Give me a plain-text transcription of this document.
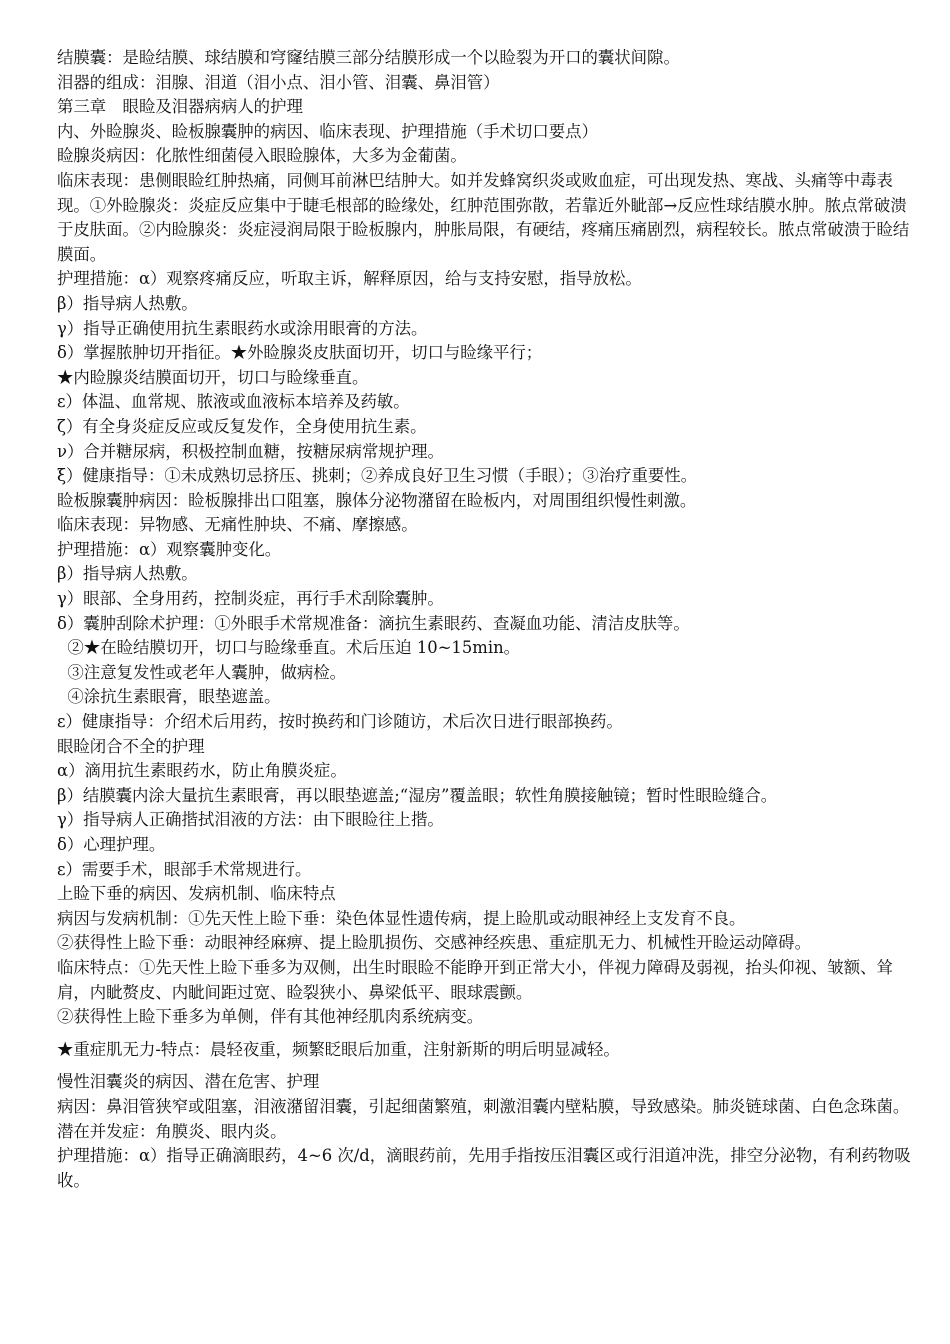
结膜囊：是睑结膜、球结膜和穹窿结膜三部分结膜形成一个以睑裂为开口的囊状间隙。

泪器的组成：泪腺、泪道（泪小点、泪小管、泪囊、鼻泪管）

第三章　眼睑及泪器病病人的护理

内、外睑腺炎、睑板腺囊肿的病因、临床表现、护理措施（手术切口要点）

睑腺炎病因：化脓性细菌侵入眼睑腺体，大多为金葡菌。

临床表现：患侧眼睑红肿热痛，同侧耳前淋巴结肿大。如并发蜂窝织炎或败血症，可出现发热、寒战、头痛等中毒表现。①外睑腺炎：炎症反应集中于睫毛根部的睑缘处，红肿范围弥散，若靠近外眦部→反应性球结膜水肿。脓点常破溃于皮肤面。②内睑腺炎：炎症浸润局限于睑板腺内，肿胀局限，有硬结，疼痛压痛剧烈，病程较长。脓点常破溃于睑结膜面。

护理措施：α）观察疼痛反应，听取主诉，解释原因，给与支持安慰，指导放松。

β）指导病人热敷。

γ）指导正确使用抗生素眼药水或涂用眼膏的方法。

δ）掌握脓肿切开指征。★外睑腺炎皮肤面切开，切口与睑缘平行；

★内睑腺炎结膜面切开，切口与睑缘垂直。

ε）体温、血常规、脓液或血液标本培养及药敏。

ζ）有全身炎症反应或反复发作，全身使用抗生素。

ν）合并糖尿病，积极控制血糖，按糖尿病常规护理。

ξ）健康指导：①未成熟切忌挤压、挑刺；②养成良好卫生习惯（手眼）；③治疗重要性。

睑板腺囊肿病因：睑板腺排出口阻塞，腺体分泌物潴留在睑板内，对周围组织慢性刺激。

临床表现：异物感、无痛性肿块、不痛、摩擦感。

护理措施：α）观察囊肿变化。

β）指导病人热敷。

γ）眼部、全身用药，控制炎症，再行手术刮除囊肿。

δ）囊肿刮除术护理：①外眼手术常规准备：滴抗生素眼药、查凝血功能、清洁皮肤等。

②★在睑结膜切开，切口与睑缘垂直。术后压迫 10~15min。

③注意复发性或老年人囊肿，做病检。

④涂抗生素眼膏，眼垫遮盖。

ε）健康指导：介绍术后用药，按时换药和门诊随访，术后次日进行眼部换药。

眼睑闭合不全的护理

α）滴用抗生素眼药水，防止角膜炎症。

β）结膜囊内涂大量抗生素眼膏，再以眼垫遮盖;“湿房”覆盖眼；软性角膜接触镜；暂时性眼睑缝合。

γ）指导病人正确揩拭泪液的方法：由下眼睑往上揩。

δ）心理护理。

ε）需要手术，眼部手术常规进行。

上睑下垂的病因、发病机制、临床特点

病因与发病机制：①先天性上睑下垂：染色体显性遗传病，提上睑肌或动眼神经上支发育不良。

②获得性上睑下垂：动眼神经麻痹、提上睑肌损伤、交感神经疾患、重症肌无力、机械性开睑运动障碍。

临床特点：①先天性上睑下垂多为双侧，出生时眼睑不能睁开到正常大小，伴视力障碍及弱视，抬头仰视、皱额、耸肩，内眦赘皮、内眦间距过宽、睑裂狭小、鼻梁低平、眼球震颤。

②获得性上睑下垂多为单侧，伴有其他神经肌肉系统病变。

★重症肌无力-特点：晨轻夜重，频繁眨眼后加重，注射新斯的明后明显减轻。

慢性泪囊炎的病因、潜在危害、护理

病因：鼻泪管狭窄或阻塞，泪液潴留泪囊，引起细菌繁殖，刺激泪囊内壁粘膜，导致感染。肺炎链球菌、白色念珠菌。

潜在并发症：角膜炎、眼内炎。

护理措施：α）指导正确滴眼药，4~6 次/d，滴眼药前，先用手指按压泪囊区或行泪道冲洗，排空分泌物，有利药物吸收。
